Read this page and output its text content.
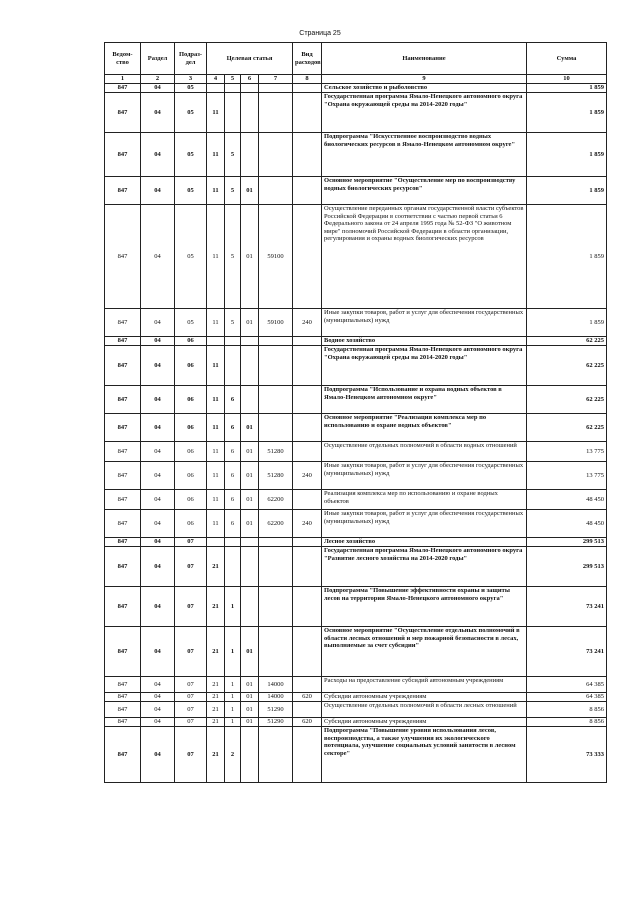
Страница 25
Ведом-ство	Раздел	Подраз-дел	Целевая статья				Вид расходов	Наименование	Сумма
1	2	3	4	5	6	7	8	9	10
847	04	05						Сельское хозяйство и рыболовство	1 859
847	04	05	11					Государственная программа Ямало-Ненецкого автономного округа "Охрана окружающей среды на 2014-2020 годы"	1 859
847	04	05	11	5				Подпрограмма "Искусственное воспроизводство водных биологических ресурсов в Ямало-Ненецком автономном округе"	1 859
847	04	05	11	5	01			Основное мероприятие "Осуществление мер по воспроизводству водных биологических ресурсов"	1 859
847	04	05	11	5	01	59100		Осуществление переданных органам государственной власти субъектов Российской Федерации в соответствии с частью первой статьи 6 Федерального закона от 24 апреля 1995 года № 52-ФЗ "О животном мире" полномочий Российской Федерации в области организации, регулирования и охраны водных биологических ресурсов	1 859
847	04	05	11	5	01	59100	240	Иные закупки товаров, работ и услуг для обеспечения государственных (муниципальных) нужд	1 859
847	04	06						Водное хозяйство	62 225
847	04	06	11					Государственная программа Ямало-Ненецкого автономного округа "Охрана окружающей среды на 2014-2020 годы"	62 225
847	04	06	11	6				Подпрограмма "Использование и охрана водных объектов в Ямало-Ненецком автономном округе"	62 225
847	04	06	11	6	01			Основное мероприятие "Реализация комплекса мер по использованию и охране водных объектов"	62 225
847	04	06	11	6	01	51280		Осуществление отдельных полномочий в области водных отношений	13 775
847	04	06	11	6	01	51280	240	Иные закупки товаров, работ и услуг для обеспечения государственных (муниципальных) нужд	13 775
847	04	06	11	6	01	62200		Реализация комплекса мер по использованию и охране водных объектов	48 450
847	04	06	11	6	01	62200	240	Иные закупки товаров, работ и услуг для обеспечения государственных (муниципальных) нужд	48 450
847	04	07						Лесное хозяйство	299 513
847	04	07	21					Государственная программа Ямало-Ненецкого автономного округа "Развитие лесного хозяйства на 2014-2020 годы"	299 513
847	04	07	21	1				Подпрограмма "Повышение эффективности охраны и защиты лесов на территории Ямало-Ненецкого автономного округа"	73 241
847	04	07	21	1	01			Основное мероприятие "Осуществление отдельных полномочий в области лесных отношений и мер пожарной безопасности в лесах, выполняемые за счет субсидии"	73 241
847	04	07	21	1	01	14000		Расходы на предоставление субсидий автономным учреждениям	64 385
847	04	07	21	1	01	14000	620	Субсидии автономным учреждениям	64 385
847	04	07	21	1	01	51290		Осуществление отдельных полномочий в области лесных отношений	8 856
847	04	07	21	1	01	51290	620	Субсидии автономным учреждениям	8 856
847	04	07	21	2				Подпрограмма "Повышение уровня использования лесов, воспроизводства, а также улучшения их экологического потенциала, улучшение социальных условий занятости в лесном секторе"	73 333
